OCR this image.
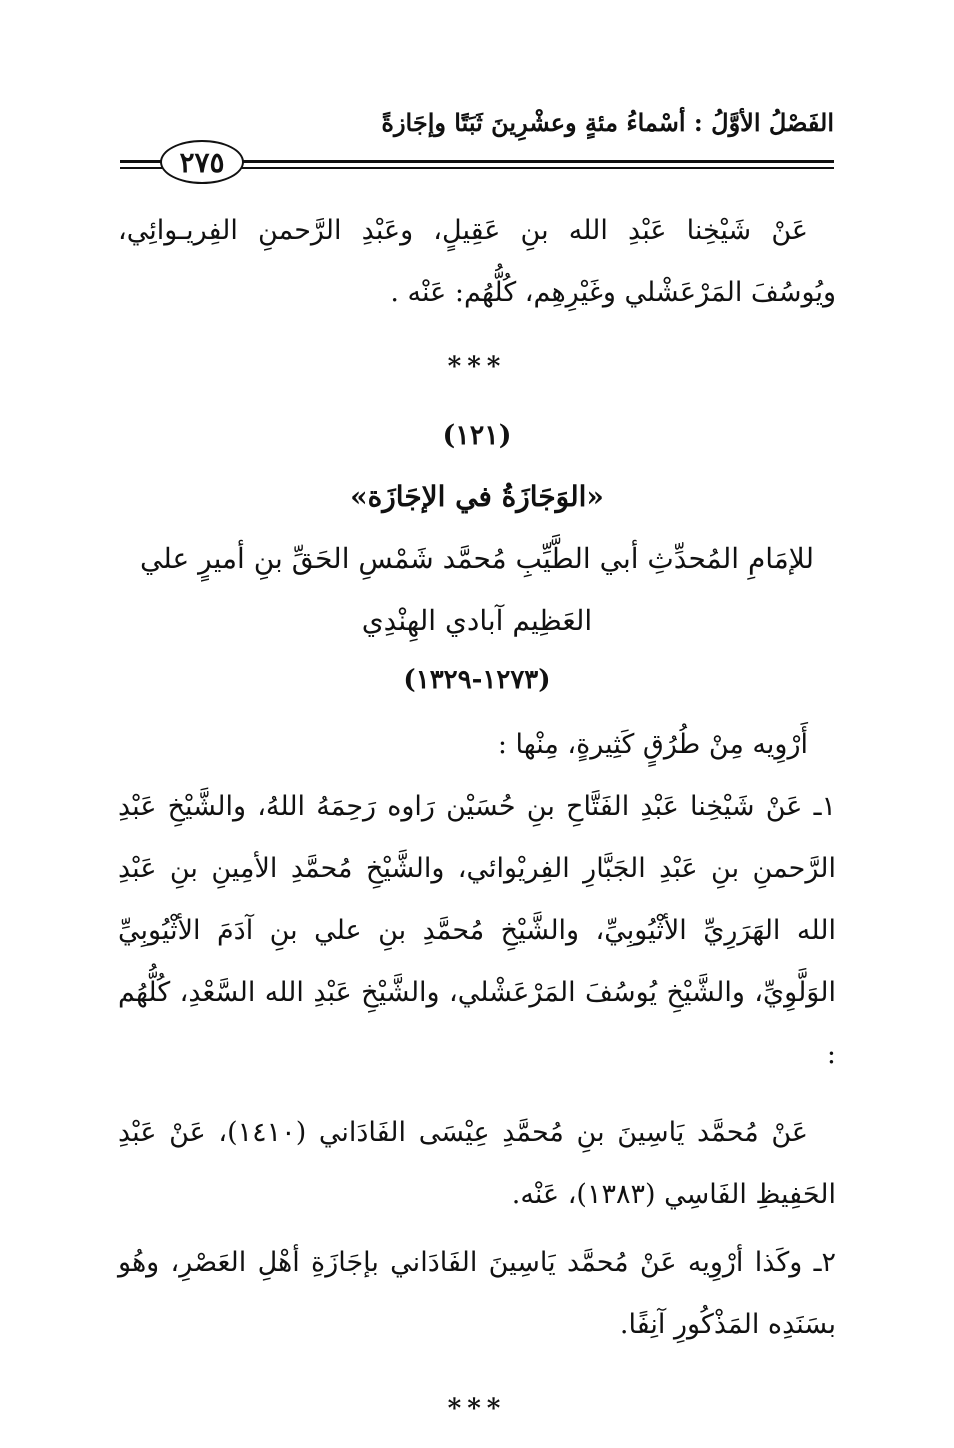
الفَصْلُ الأوَّلُ : أسْماءُ مئةٍ وعشْرِينَ ثَبَتًا وإجَازةً
٢٧٥

عَنْ شَيْخِنا عَبْدِ الله بنِ عَقِيلٍ، وعَبْدِ الرَّحمنِ الفِريـوائِي، ويُوسُفَ المَرْعَشْلي وغَيْرِهِم، كُلُّهُم: عَنْه .

***
(١٢١)
«الوَجَازَةُ في الإجَازَة»
للإمَامِ المُحدِّثِ أبي الطَّيِّبِ مُحمَّد شَمْسِ الحَقِّ بنِ أميرٍ علي العَظِيم آبادي الهِنْدِي
(١٢٧٣-١٣٢٩)

أَرْوِيه مِنْ طُرُقٍ كَثِيرةٍ، مِنْها :

١ـ عَنْ شَيْخِنا عَبْدِ الفَتَّاحِ بنِ حُسَيْن رَاوه رَحِمَهُ اللهُ، والشَّيْخِ عَبْدِ الرَّحمنِ بنِ عَبْدِ الجَبَّارِ الفِريْوائي، والشَّيْخِ مُحمَّدِ الأمِينِ بنِ عَبْدِ الله الهَرَرِيِّ الأثْيُوبِيِّ، والشَّيْخِ مُحمَّدِ بنِ علي بنِ آدَمَ الأثْيُوبِيِّ الوَلَّوِيِّ، والشَّيْخِ يُوسُفَ المَرْعَشْلي، والشَّيْخِ عَبْدِ الله السَّعْدِ، كُلُّهُم :

عَنْ مُحمَّد يَاسِينَ بنِ مُحمَّدِ عِيْسَى الفَادَاني (١٤١٠)، عَنْ عَبْدِ الحَفِيظِ الفَاسِي (١٣٨٣)، عَنْه.

٢ـ وكَذا أرْوِيه عَنْ مُحمَّد يَاسِينَ الفَادَاني بإجَازَةِ أهْلِ العَصْرِ، وهُو بسَنَدِه المَذْكُورِ آنِفًا.

***
